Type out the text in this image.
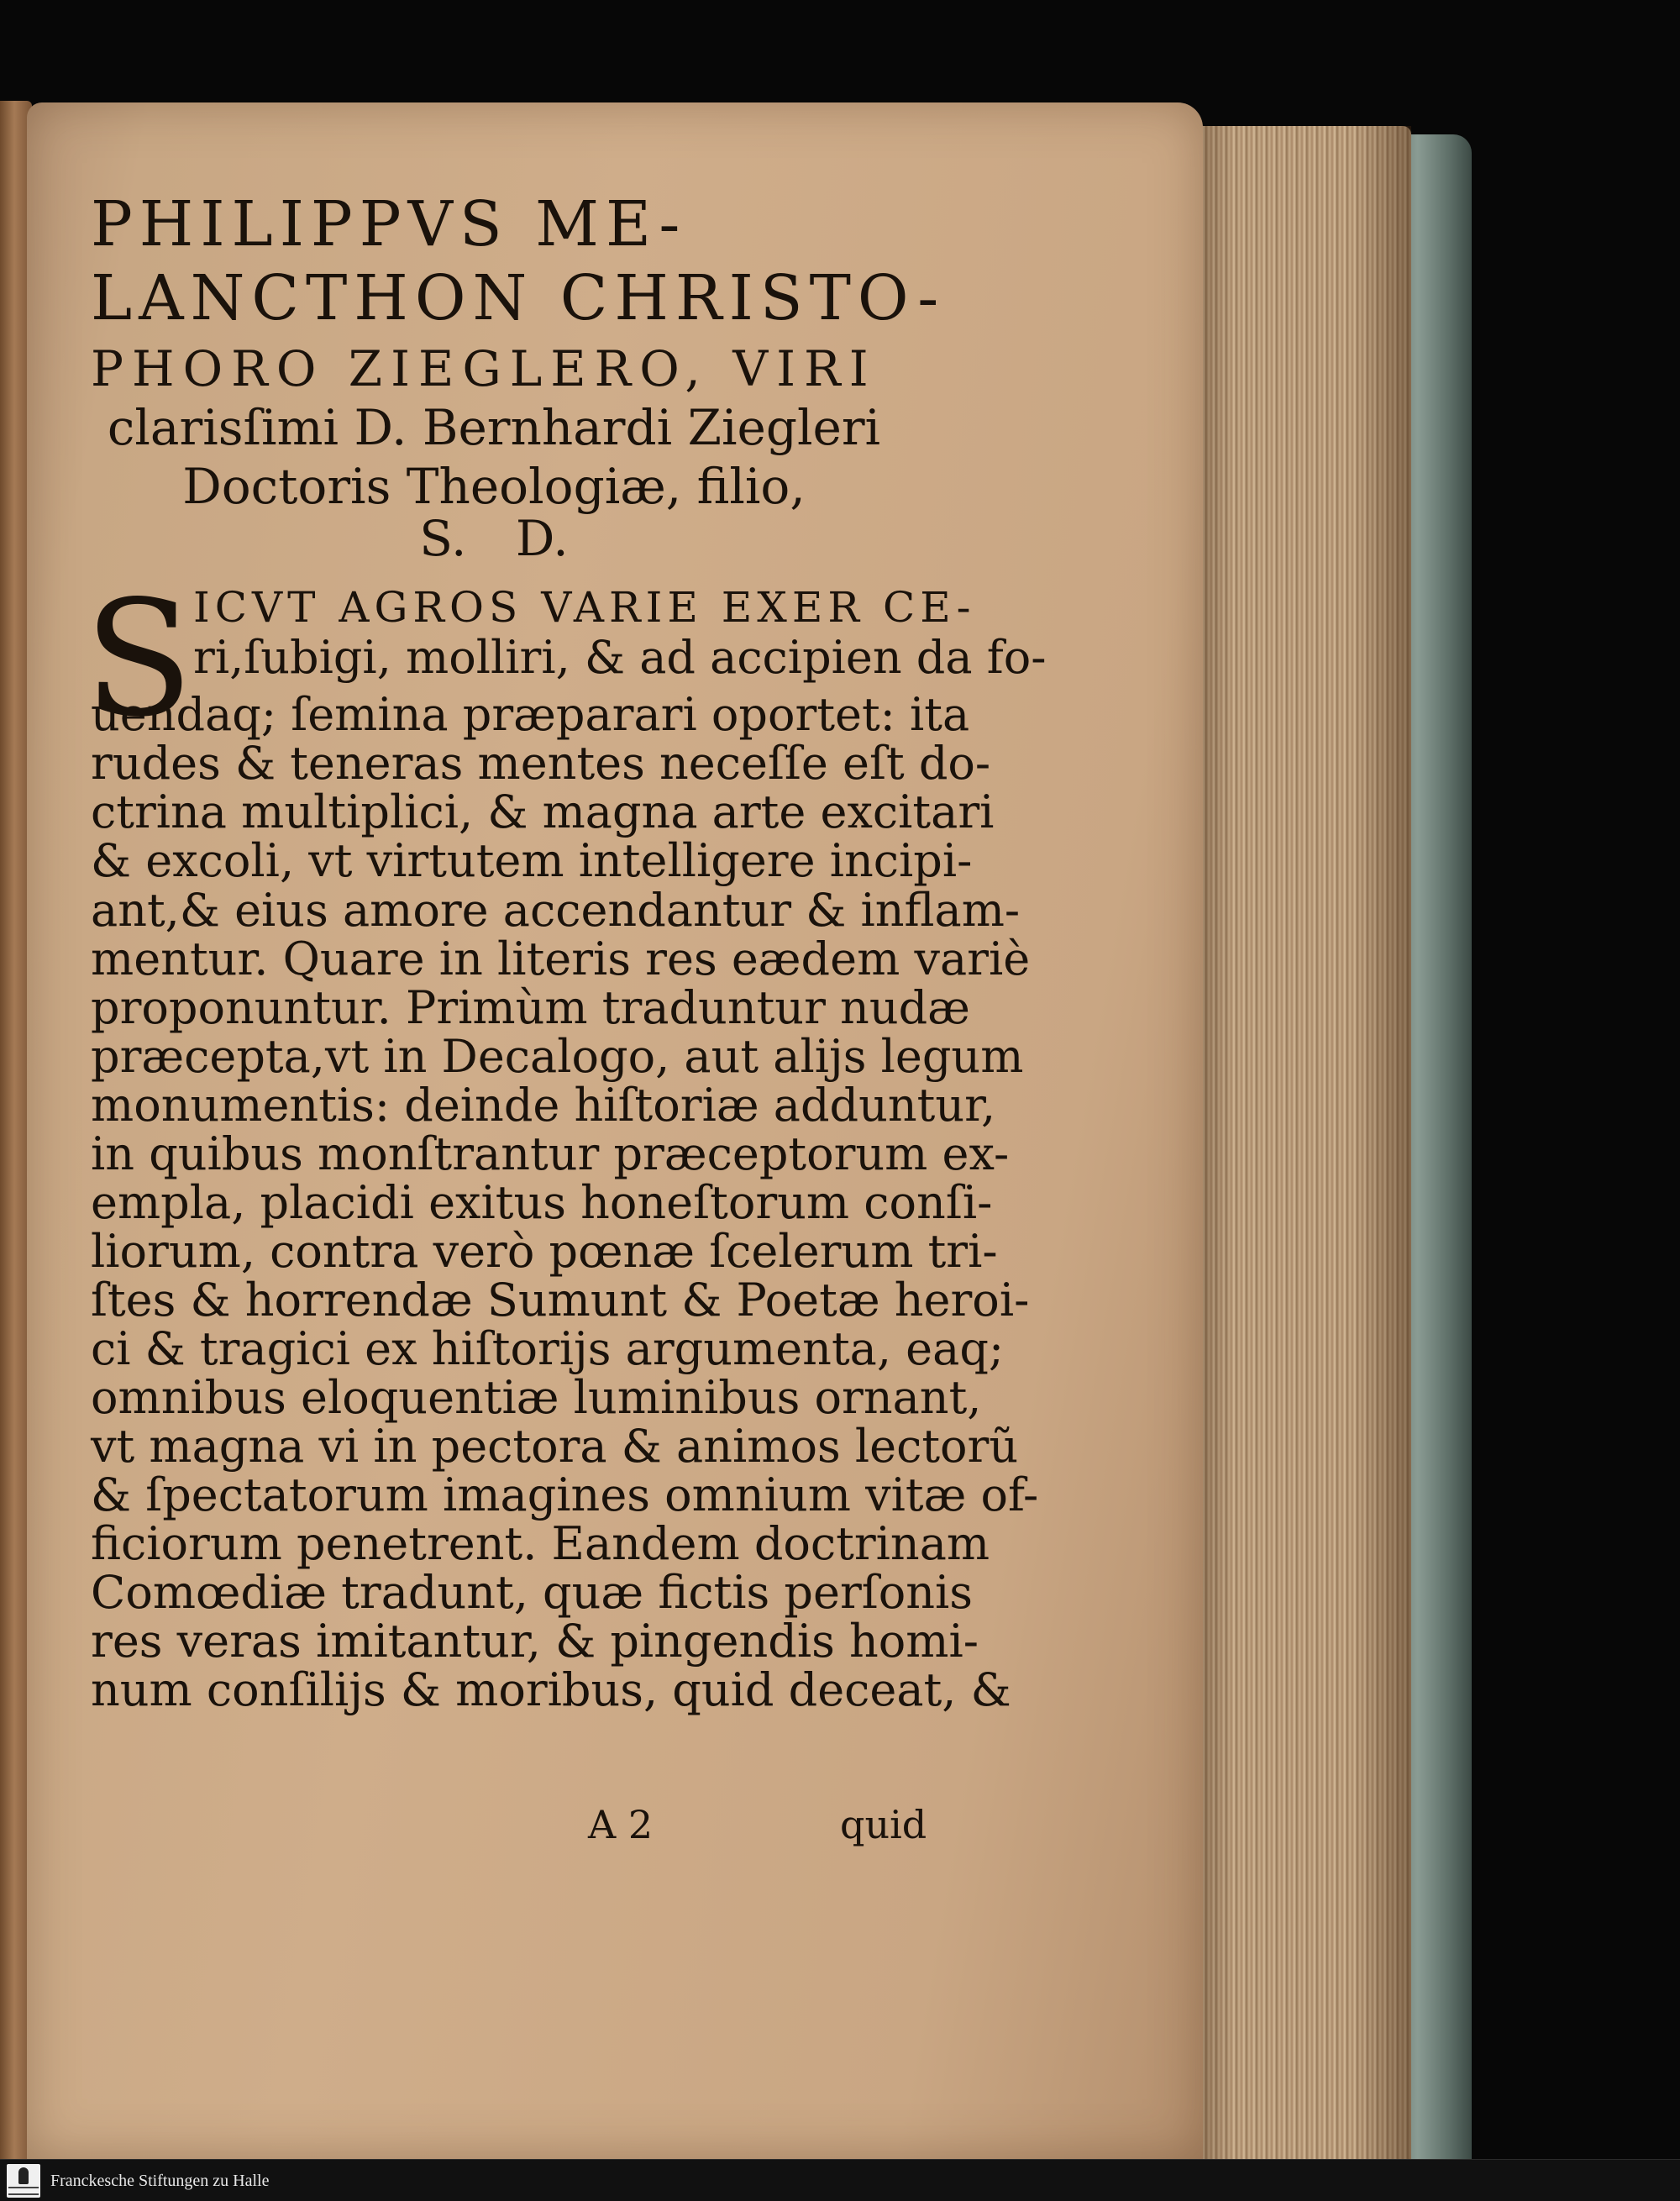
PHILIPPVS ME-

LANCTHON CHRISTO-

PHORO ZIEGLERO, VIRI

clarisſimi D. Bernhardi Ziegleri

Doctoris Theologiæ, filio,

S. D.

S ICVT AGROS VARIE EXER CE-

ri,ſubigi, molliri, & ad accipien da fo-

uendaq; ſemina præparari oportet: ita

rudes & teneras mentes neceſſe eſt do-

ctrina multiplici, & magna arte excitari

& excoli, vt virtutem intelligere incipi-

ant,& eius amore accendantur & inflam-

mentur. Quare in literis res eædem variè

proponuntur. Primùm traduntur nudæ

præcepta,vt in Decalogo, aut alijs legum

monumentis: deinde hiſtoriæ adduntur,

in quibus monſtrantur præceptorum ex-

empla, placidi exitus honeſtorum conſi-

liorum, contra verò pœnæ ſcelerum tri-

ſtes & horrendæ Sumunt & Poetæ heroi-

ci & tragici ex hiſtorijs argumenta, eaq;

omnibus eloquentiæ luminibus ornant,

vt magna vi in pectora & animos lectorũ

& ſpectatorum imagines omnium vitæ of-

ficiorum penetrent. Eandem doctrinam

Comœdiæ tradunt, quæ fictis perſonis

res veras imitantur, & pingendis homi-

num conſilijs & moribus, quid deceat, &

A 2	quid

Franckesche Stiftungen zu Halle
